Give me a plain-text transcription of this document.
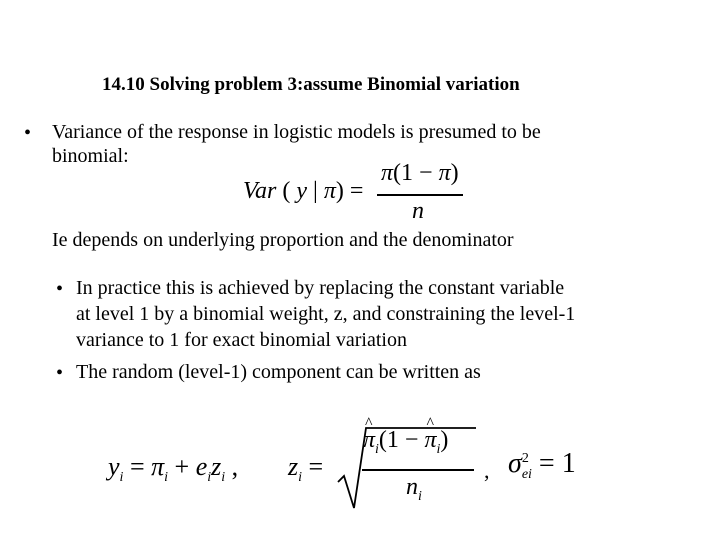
14.10 Solving problem 3:assume Binomial variation
• Variance of the response in logistic models is presumed to be
binomial:
Var ( y | π) =
π(1 − π)
n
Ie depends on underlying proportion and the denominator
• In practice this is achieved by replacing the constant variable
at level 1 by a binomial weight, z, and constraining the level-1
variance to 1 for exact binomial variation
• The random (level-1) component can be written as
$y_i = \pi_i + e_iz_i$ , $z_i$ =
^ $\pi_i(1$ − ^ $\pi_i$)
$n_i$
, $\sigma^2_{ei} = 1$
